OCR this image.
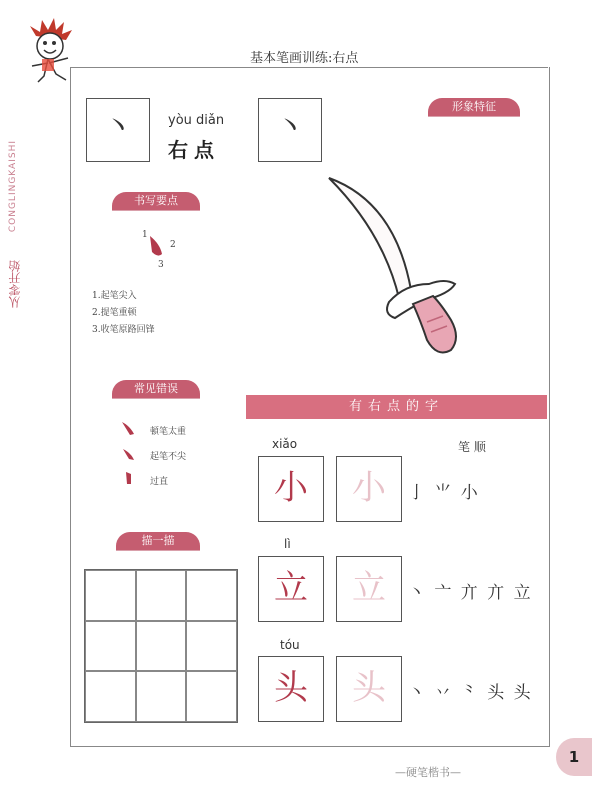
从零开始
CONGLINGKAISHI
基本笔画训练:右点
丶	yòu diǎn
右点
丶
形象特征
书写要点
1
2
3
1.起笔尖入
2.提笔重顿
3.收笔原路回锋
常见错误
頓笔太重
起笔不尖
过直
描一描
有右点的字
笔 顺
xiǎo
小	小	亅 ⺌ 小
lì
立	立	丶 亠 亣 亣 立
tóu
头	头	丶 丷 ⺀ 头 头
—硬笔楷书—
1
